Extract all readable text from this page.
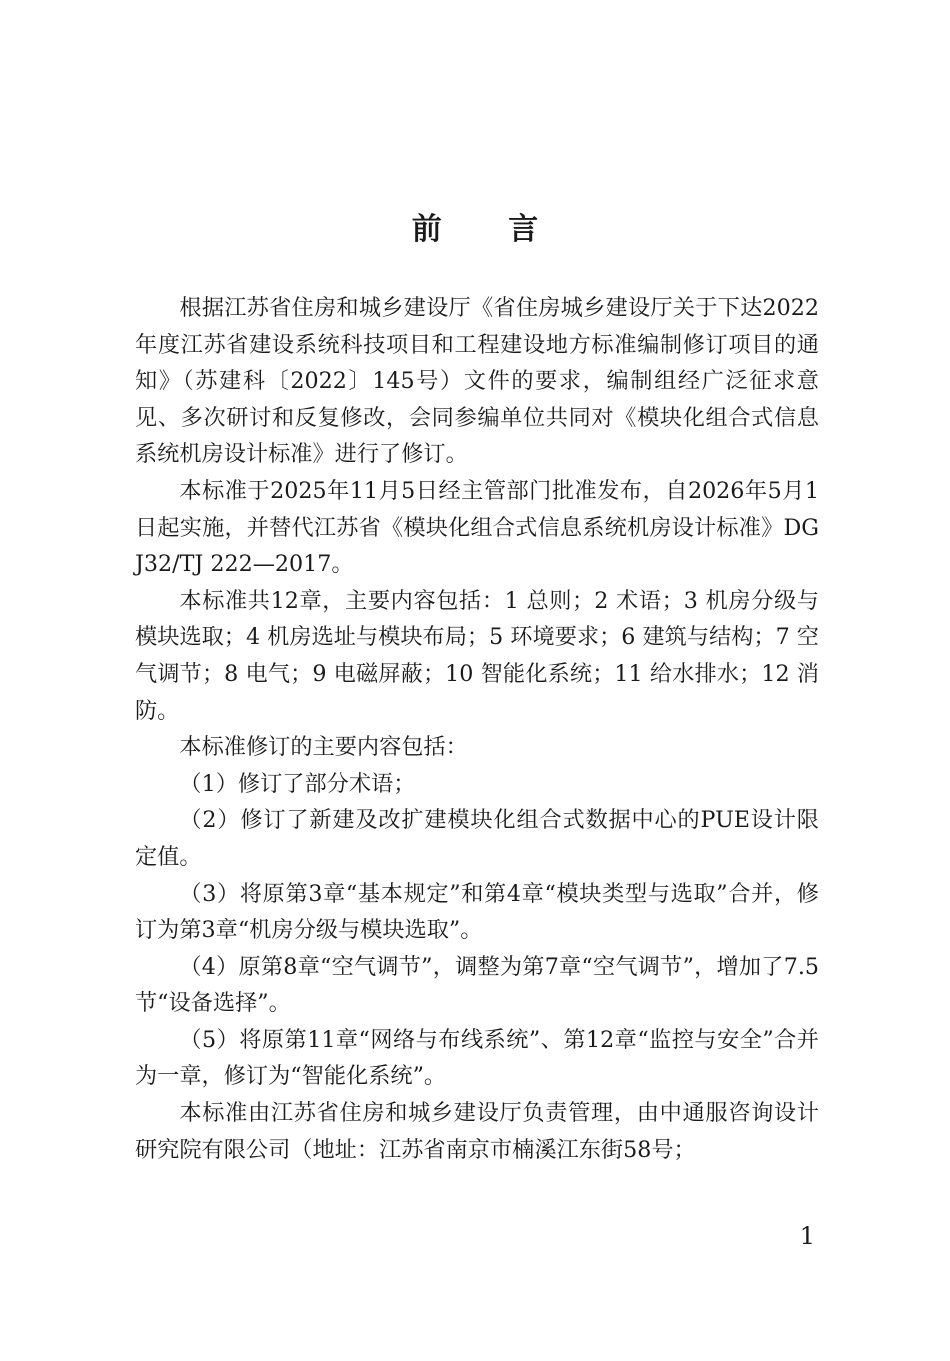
前 言

根据江苏省住房和城乡建设厅《省住房城乡建设厅关于下达2022年度江苏省建设系统科技项目和工程建设地方标准编制修订项目的通知》（苏建科〔2022〕145号）文件的要求，编制组经广泛征求意见、多次研讨和反复修改，会同参编单位共同对《模块化组合式信息系统机房设计标准》进行了修订。

本标准于2025年11月5日经主管部门批准发布，自2026年5月1日起实施，并替代江苏省《模块化组合式信息系统机房设计标准》DGJ32/TJ 222—2017。

本标准共12章，主要内容包括：1 总则；2 术语；3 机房分级与模块选取；4 机房选址与模块布局；5 环境要求；6 建筑与结构；7 空气调节；8 电气；9 电磁屏蔽；10 智能化系统；11 给水排水；12 消防。

本标准修订的主要内容包括：

（1）修订了部分术语；

（2）修订了新建及改扩建模块化组合式数据中心的PUE设计限定值。

（3）将原第3章“基本规定”和第4章“模块类型与选取”合并，修订为第3章“机房分级与模块选取”。

（4）原第8章“空气调节”，调整为第7章“空气调节”，增加了7.5节“设备选择”。

（5）将原第11章“网络与布线系统”、第12章“监控与安全”合并为一章，修订为“智能化系统”。

本标准由江苏省住房和城乡建设厅负责管理，由中通服咨询设计研究院有限公司（地址：江苏省南京市楠溪江东街58号；

1
